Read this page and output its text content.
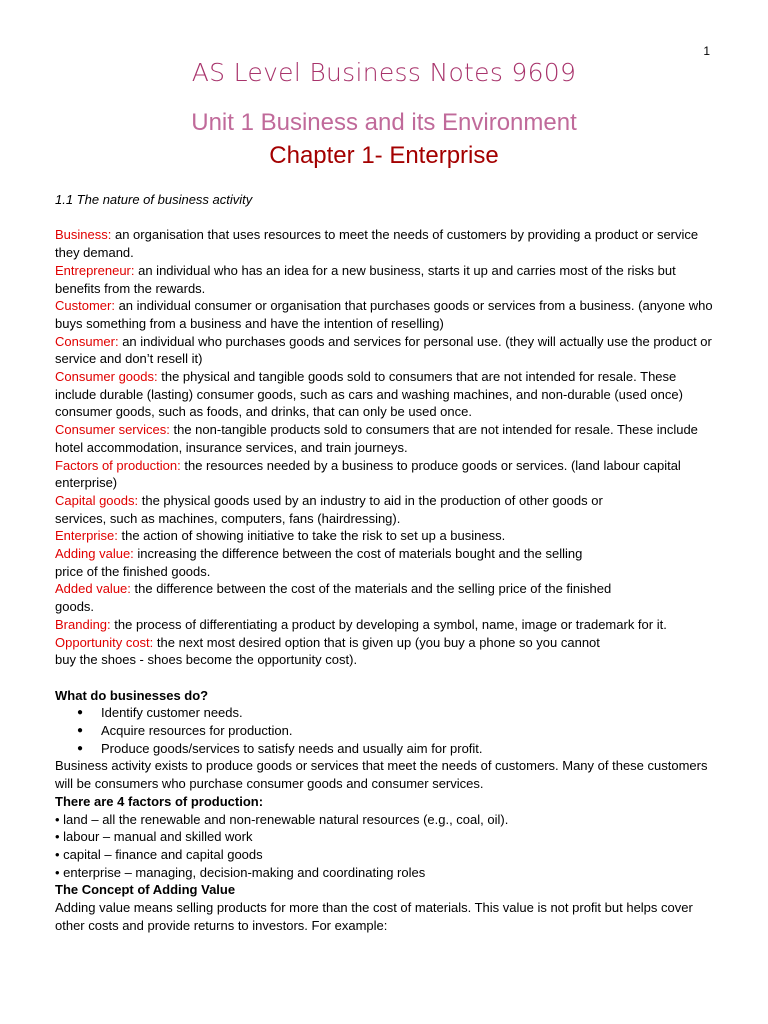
1
AS Level Business Notes 9609
Unit 1 Business and its Environment
Chapter 1- Enterprise

1.1 The nature of business activity

Business: an organisation that uses resources to meet the needs of customers by providing a product or service they demand.

Entrepreneur: an individual who has an idea for a new business, starts it up and carries most of the risks but benefits from the rewards.

Customer: an individual consumer or organisation that purchases goods or services from a business. (anyone who buys something from a business and have the intention of reselling)

Consumer: an individual who purchases goods and services for personal use. (they will actually use the product or service and don’t resell it)

Consumer goods: the physical and tangible goods sold to consumers that are not intended for resale. These include durable (lasting) consumer goods, such as cars and washing machines, and non-durable (used once) consumer goods, such as foods, and drinks, that can only be used once.

Consumer services: the non-tangible products sold to consumers that are not intended for resale. These include hotel accommodation, insurance services, and train journeys.

Factors of production: the resources needed by a business to produce goods or services. (land labour capital enterprise)

Capital goods: the physical goods used by an industry to aid in the production of other goods or services, such as machines, computers, fans (hairdressing).

Enterprise: the action of showing initiative to take the risk to set up a business.

Adding value: increasing the difference between the cost of materials bought and the selling price of the finished goods.

Added value: the difference between the cost of the materials and the selling price of the finished goods.

Branding: the process of differentiating a product by developing a symbol, name, image or trademark for it.

Opportunity cost: the next most desired option that is given up (you buy a phone so you cannot buy the shoes - shoes become the opportunity cost).

What do businesses do?

● Identify customer needs.
● Acquire resources for production.
● Produce goods/services to satisfy needs and usually aim for profit.

Business activity exists to produce goods or services that meet the needs of customers. Many of these customers will be consumers who purchase consumer goods and consumer services.

There are 4 factors of production:

• land – all the renewable and non-renewable natural resources (e.g., coal, oil).

• labour – manual and skilled work

• capital – finance and capital goods

• enterprise – managing, decision-making and coordinating roles

The Concept of Adding Value

Adding value means selling products for more than the cost of materials. This value is not profit but helps cover other costs and provide returns to investors. For example:
